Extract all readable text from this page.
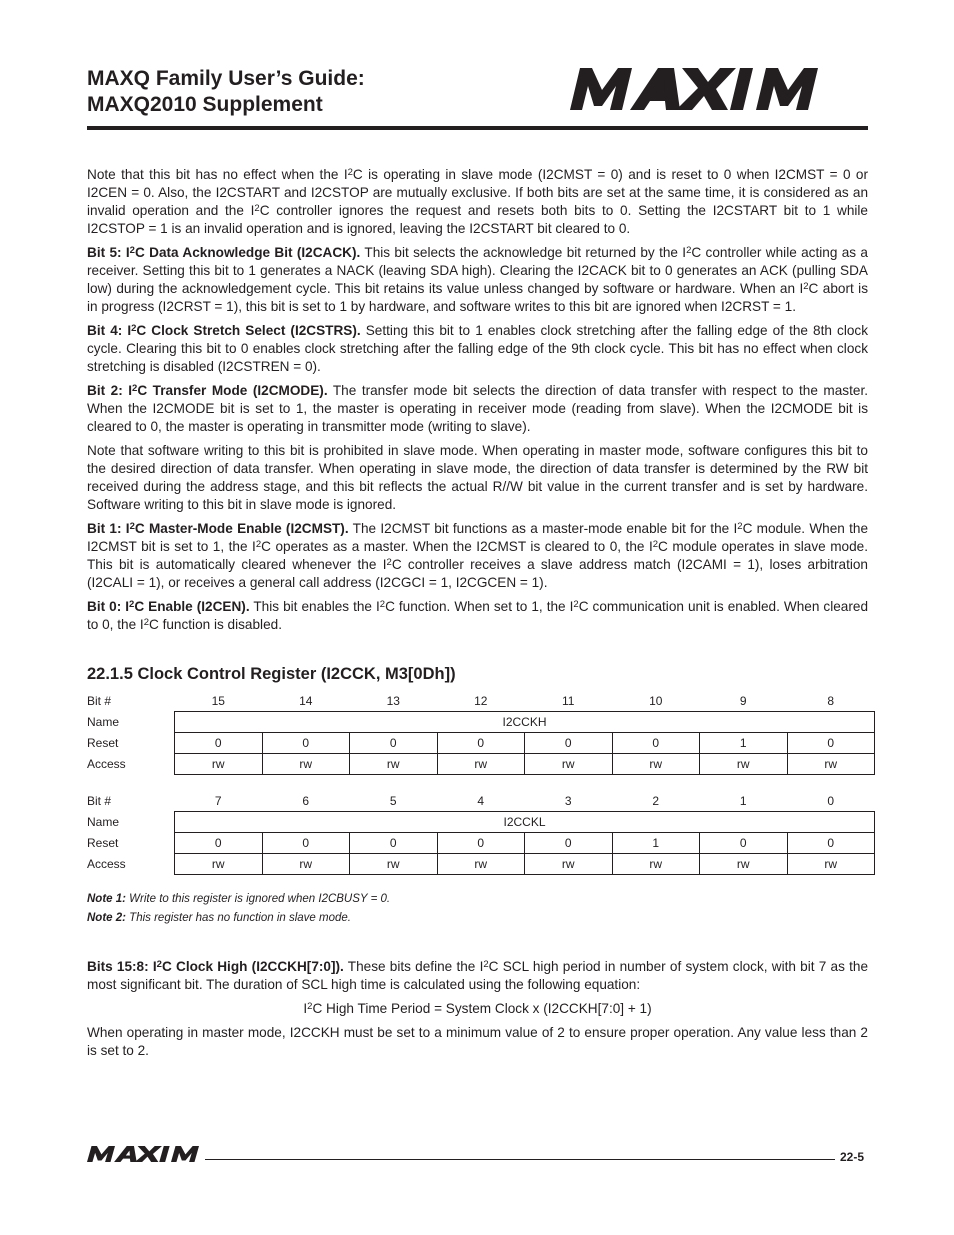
MAXQ Family User’s Guide:
MAXQ2010 Supplement

Note that this bit has no effect when the $I^2C$ is operating in slave mode (I2CMST = 0) and is reset to 0 when I2CMST = 0 or I2CEN = 0. Also, the I2CSTART and I2CSTOP are mutually exclusive. If both bits are set at the same time, it is considered as an invalid operation and the $I^2C$ controller ignores the request and resets both bits to 0. Setting the I2CSTART bit to 1 while I2CSTOP = 1 is an invalid operation and is ignored, leaving the I2CSTART bit cleared to 0.

Bit 5: $I^2C$ Data Acknowledge Bit (I2CACK). This bit selects the acknowledge bit returned by the $I^2C$ controller while acting as a receiver. Setting this bit to 1 generates a NACK (leaving SDA high). Clearing the I2CACK bit to 0 generates an ACK (pulling SDA low) during the acknowledgement cycle. This bit retains its value unless changed by software or hardware. When an $I^2C$ abort is in progress (I2CRST = 1), this bit is set to 1 by hardware, and software writes to this bit are ignored when I2CRST = 1.

Bit 4: $I^2C$ Clock Stretch Select (I2CSTRS). Setting this bit to 1 enables clock stretching after the falling edge of the 8th clock cycle. Clearing this bit to 0 enables clock stretching after the falling edge of the 9th clock cycle. This bit has no effect when clock stretching is disabled (I2CSTREN = 0).

Bit 2: $I^2C$ Transfer Mode (I2CMODE). The transfer mode bit selects the direction of data transfer with respect to the master. When the I2CMODE bit is set to 1, the master is operating in receiver mode (reading from slave). When the I2CMODE bit is cleared to 0, the master is operating in transmitter mode (writing to slave).

Note that software writing to this bit is prohibited in slave mode. When operating in master mode, software configures this bit to the desired direction of data transfer. When operating in slave mode, the direction of data transfer is determined by the RW bit received during the address stage, and this bit reflects the actual R//W bit value in the current transfer and is set by hardware. Software writing to this bit in slave mode is ignored.

Bit 1: $I^2C$ Master-Mode Enable (I2CMST). The I2CMST bit functions as a master-mode enable bit for the $I^2C$ module. When the I2CMST bit is set to 1, the $I^2C$ operates as a master. When the I2CMST is cleared to 0, the $I^2C$ module operates in slave mode. This bit is automatically cleared whenever the $I^2C$ controller receives a slave address match (I2CAMI = 1), loses arbitration (I2CALI = 1), or receives a general call address (I2CGCI = 1, I2CGCEN = 1).

Bit 0: $I^2C$ Enable (I2CEN). This bit enables the $I^2C$ function. When set to 1, the $I^2C$ communication unit is enabled. When cleared to 0, the $I^2C$ function is disabled.

22.1.5 Clock Control Register (I2CCK, M3[0Dh])
Bit #	15	14	13	12	11	10	9	8
Name	I2CCKH							
Reset	0	0	0	0	0	0	1	0
Access	rw	rw	rw	rw	rw	rw	rw	rw
Bit #	7	6	5	4	3	2	1	0
Name	I2CCKL							
Reset	0	0	0	0	0	1	0	0
Access	rw	rw	rw	rw	rw	rw	rw	rw
Note 1: Write to this register is ignored when I2CBUSY = 0.
Note 2: This register has no function in slave mode.

Bits 15:8: $I^2C$ Clock High (I2CCKH[7:0]). These bits define the $I^2C$ SCL high period in number of system clock, with bit 7 as the most significant bit. The duration of SCL high time is calculated using the following equation:

$I^2C$ High Time Period = System Clock x (I2CCKH[7:0] + 1)

When operating in master mode, I2CCKH must be set to a minimum value of 2 to ensure proper operation. Any value less than 2 is set to 2.

22-5
